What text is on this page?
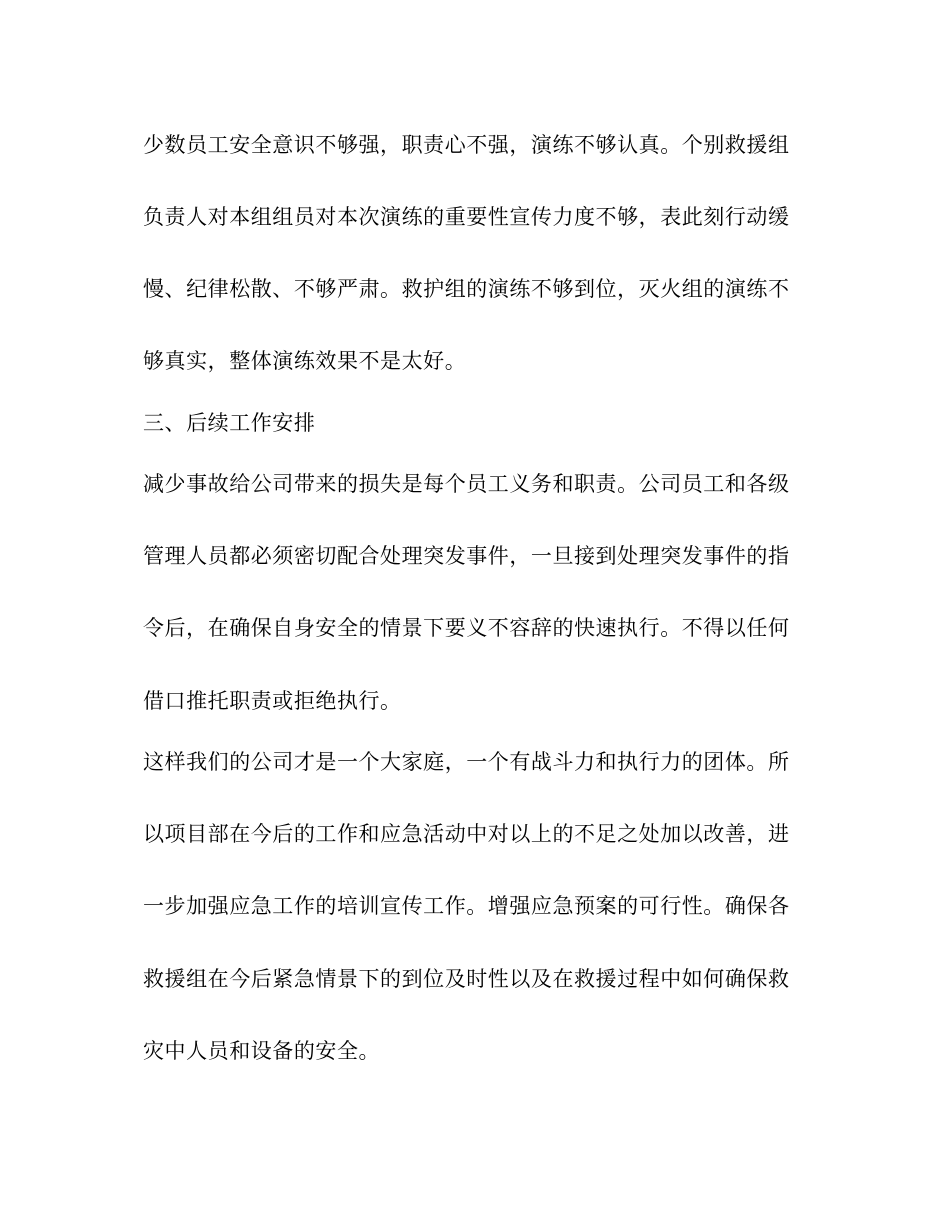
少数员工安全意识不够强，职责心不强，演练不够认真。个别救援组

负责人对本组组员对本次演练的重要性宣传力度不够，表此刻行动缓

慢、纪律松散、不够严肃。救护组的演练不够到位，灭火组的演练不

够真实，整体演练效果不是太好。

三、后续工作安排

减少事故给公司带来的损失是每个员工义务和职责。公司员工和各级

管理人员都必须密切配合处理突发事件，一旦接到处理突发事件的指

令后，在确保自身安全的情景下要义不容辞的快速执行。不得以任何

借口推托职责或拒绝执行。

这样我们的公司才是一个大家庭，一个有战斗力和执行力的团体。所

以项目部在今后的工作和应急活动中对以上的不足之处加以改善，进

一步加强应急工作的培训宣传工作。增强应急预案的可行性。确保各

救援组在今后紧急情景下的到位及时性以及在救援过程中如何确保救

灾中人员和设备的安全。
